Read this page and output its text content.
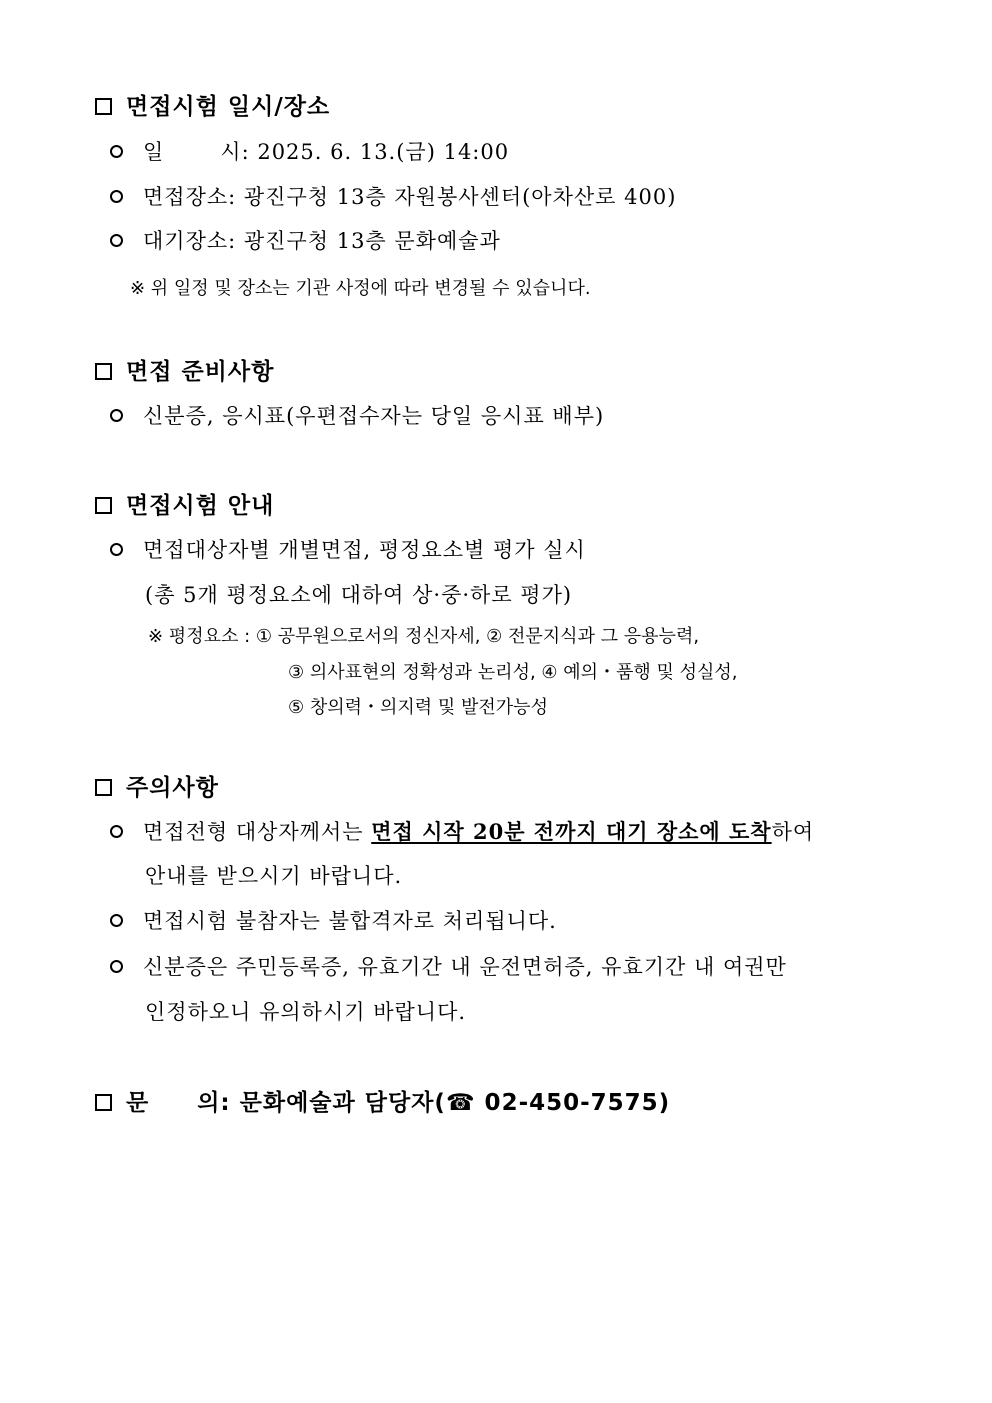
면접시험 일시/장소
일	시: 2025. 6. 13.(금) 14:00
면접장소: 광진구청 13층 자원봉사센터(아차산로 400)
대기장소: 광진구청 13층 문화예술과
※ 위 일정 및 장소는 기관 사정에 따라 변경될 수 있습니다.
면접 준비사항
신분증, 응시표(우편접수자는 당일 응시표 배부)
면접시험 안내
면접대상자별 개별면접, 평정요소별 평가 실시
(총 5개 평정요소에 대하여 상·중·하로 평가)
※ 평정요소 : ① 공무원으로서의 정신자세, ② 전문지식과 그 응용능력,
③ 의사표현의 정확성과 논리성, ④ 예의・품행 및 성실성,
⑤ 창의력・의지력 및 발전가능성
주의사항
면접전형 대상자께서는 면접 시작 20분 전까지 대기 장소에 도착하여
안내를 받으시기 바랍니다.
면접시험 불참자는 불합격자로 처리됩니다.
신분증은 주민등록증, 유효기간 내 운전면허증, 유효기간 내 여권만
인정하오니 유의하시기 바랍니다.
문 의: 문화예술과 담당자(☎ 02-450-7575)
